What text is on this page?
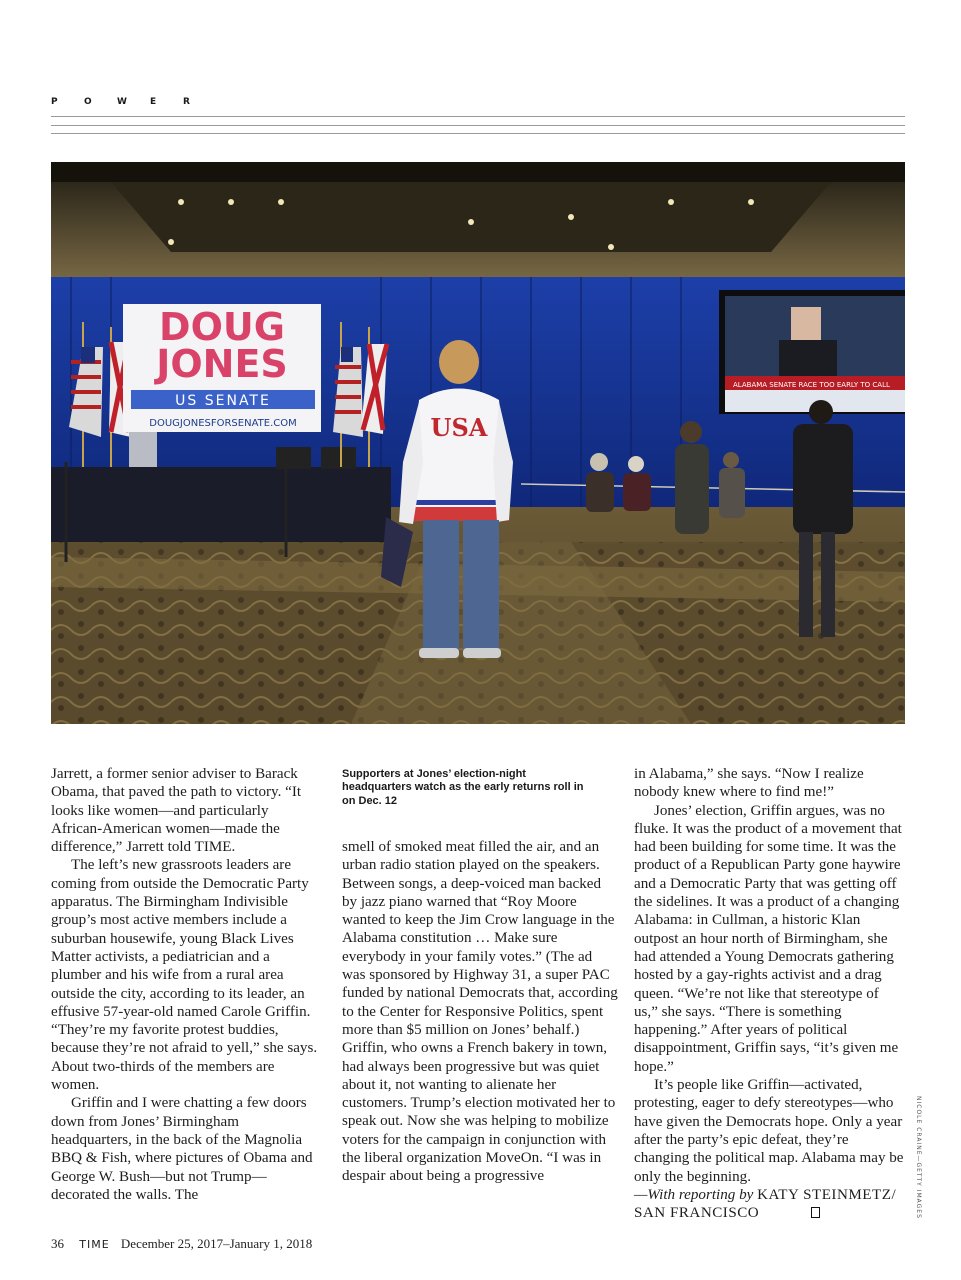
P	O	W	E	R
DOUG
JONES
US SENATE
DOUGJONESFORSENATE.COM
ALABAMA SENATE RACE TOO EARLY TO CALL
USA

Jarrett, a former senior adviser to Barack Obama, that paved the path to victory. “It looks like women—and particularly African-American women—made the difference,” Jarrett told TIME.

The left’s new grassroots leaders are coming from outside the Democratic Party apparatus. The Birmingham Indivisible group’s most active members include a suburban housewife, young Black Lives Matter activists, a pediatrician and a plumber and his wife from a rural area outside the city, according to its leader, an effusive 57-year-old named Carole Griffin. “They’re my favorite protest buddies, because they’re not afraid to yell,” she says. About two-thirds of the members are women.

Griffin and I were chatting a few doors down from Jones’ Birmingham headquarters, in the back of the Magnolia BBQ & Fish, where pictures of Obama and George W. Bush—but not Trump—decorated the walls. The

Supporters at Jones’ election-night headquarters watch as the early returns roll in on Dec. 12

smell of smoked meat filled the air, and an urban radio station played on the speakers. Between songs, a deep-voiced man backed by jazz piano warned that “Roy Moore wanted to keep the Jim Crow language in the Alabama constitution … Make sure everybody in your family votes.” (The ad was sponsored by Highway 31, a super PAC funded by national Democrats that, according to the Center for Responsive Politics, spent more than $5 million on Jones’ behalf.) Griffin, who owns a French bakery in town, had always been progressive but was quiet about it, not wanting to alienate her customers. Trump’s election motivated her to speak out. Now she was helping to mobilize voters for the campaign in conjunction with the liberal organization MoveOn. “I was in despair about being a progressive

in Alabama,” she says. “Now I realize nobody knew where to find me!”

Jones’ election, Griffin argues, was no fluke. It was the product of a movement that had been building for some time. It was the product of a Republican Party gone haywire and a Democratic Party that was getting off the sidelines. It was a product of a changing Alabama: in Cullman, a historic Klan outpost an hour north of Birmingham, she had attended a Young Democrats gathering hosted by a gay-rights activist and a drag queen. “We’re not like that stereotype of us,” she says. “There is something happening.” After years of political disappointment, Griffin says, “it’s given me hope.”

It’s people like Griffin—activated, protesting, eager to defy stereotypes—who have given the Democrats hope. Only a year after the party’s epic defeat, they’re changing the political map. Alabama may be only the beginning.

—With reporting by KATY STEINMETZ/ SAN FRANCISCO	NICOLE CRAINE—GETTY IMAGES
36 TIME December 25, 2017–January 1, 2018
